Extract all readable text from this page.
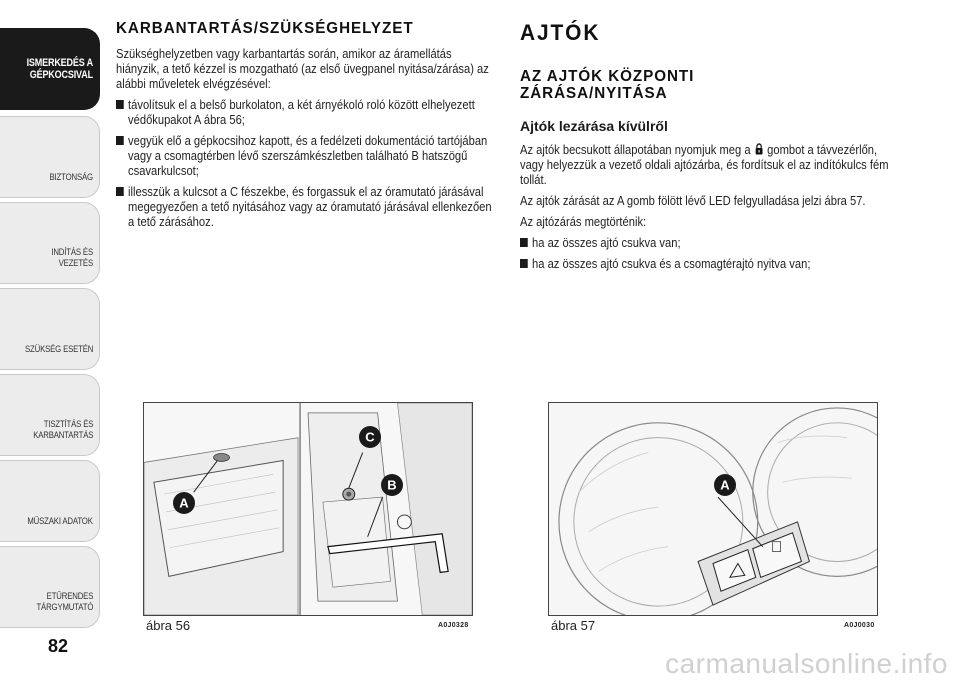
ISMERKEDÉS A
GÉPKOCSIVAL
BIZTONSÁG
INDÍTÁS ÉS VEZETÉS
SZÜKSÉG ESETÉN
TISZTÍTÁS ÉS
KARBANTARTÁS
MŰSZAKI ADATOK
ETŰRENDES
TÁRGYMUTATÓ
82
KARBANTARTÁS/SZÜKSÉGHELYZET

Szükséghelyzetben vagy karbantartás során, amikor az áramellátás hiányzik, a tető kézzel is mozgatható (az első üvegpanel nyitása/zárása) az alábbi műveletek elvégzésével:

távolítsuk el a belső burkolaton, a két árnyékoló roló között elhelyezett védőkupakot A ábra 56;
vegyük elő a gépkocsihoz kapott, és a fedélzeti dokumentáció tartójában vagy a csomagtérben lévő szerszámkészletben található B hatszögű csavarkulcsot;
illesszük a kulcsot a C fészekbe, és forgassuk el az óramutató járásával megegyezően a tető nyitásához vagy az óramutató járásával ellenkezően a tető zárásához.
AJTÓK
AZ AJTÓK KÖZPONTI
ZÁRÁSA/NYITÁSA
Ajtók lezárása kívülről

Az ajtók becsukott állapotában nyomjuk meg a gombot a távvezérlőn, vagy helyezzük a vezető oldali ajtózárba, és fordítsuk el az indítókulcs fém tollát.

Az ajtók zárását az A gomb fölött lévő LED felgyulladása jelzi ábra 57.

Az ajtózárás megtörténik:

ha az összes ajtó csukva van;
ha az összes ajtó csukva és a csomagtérajtó nyitva van;
A
B
C
ábra 56	A0J0328
A
ábra 57	A0J0030
carmanualsonline.info
